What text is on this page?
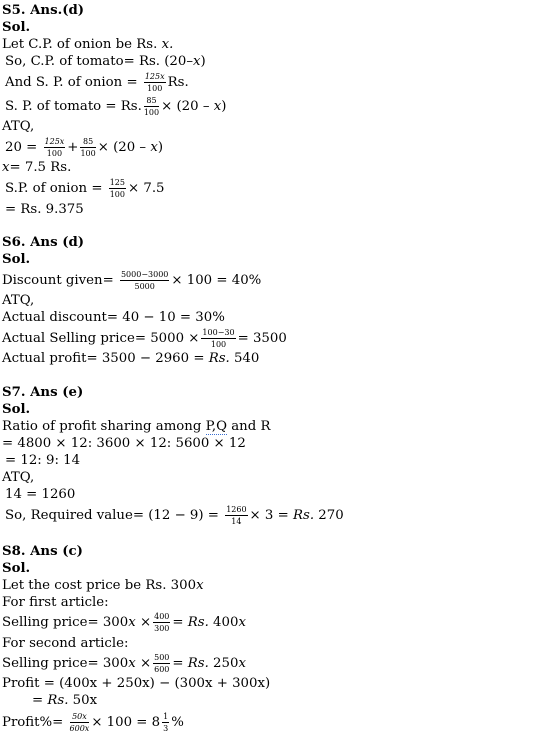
S5. Ans.(d)
Sol.
Let C.P. of onion be Rs. x.
So, C.P. of tomato= Rs. (20–x)
And S. P. of onion = $\frac{125x}{100} Rs$.
S. P. of tomato = Rs. $\frac{85}{100} \times (20 - x)$
ATQ,
$20 = \frac{125x}{100} + \frac{85}{100} \times (20 - x)$
x= 7.5 Rs.
S.P. of onion = $\frac{125}{100} \times 7.5$
= Rs. 9.375
S6. Ans (d)
Sol.
Discount given= $\frac{5000-3000}{5000} \times 100 = 40\%$
ATQ,
Actual discount= 40 − 10 = 30%
Actual Selling price= $5000 \times \frac{100-30}{100} = 3500$
Actual profit= 3500 − 2960 = Rs. 540
S7. Ans (e)
Sol.
Ratio of profit sharing among P,Q and R
= 4800 × 12: 3600 × 12: 5600 × 12
= 12: 9: 14
ATQ,
14 = 1260
So, Required value= $(12 - 9) = \frac{1260}{14} \times 3 = Rs$. 270
S8. Ans (c)
Sol.
Let the cost price be Rs. 300x
For first article:
Selling price= $300x \times \frac{400}{300} = Rs$. 400x
For second article:
Selling price= $300x \times \frac{500}{600} = Rs$. 250x
Profit = (400x + 250x) − (300x + 300x)
= Rs. 50x
Profit%= $\frac{50x}{600x} \times 100 = 8 \frac{1}{3}$ %
